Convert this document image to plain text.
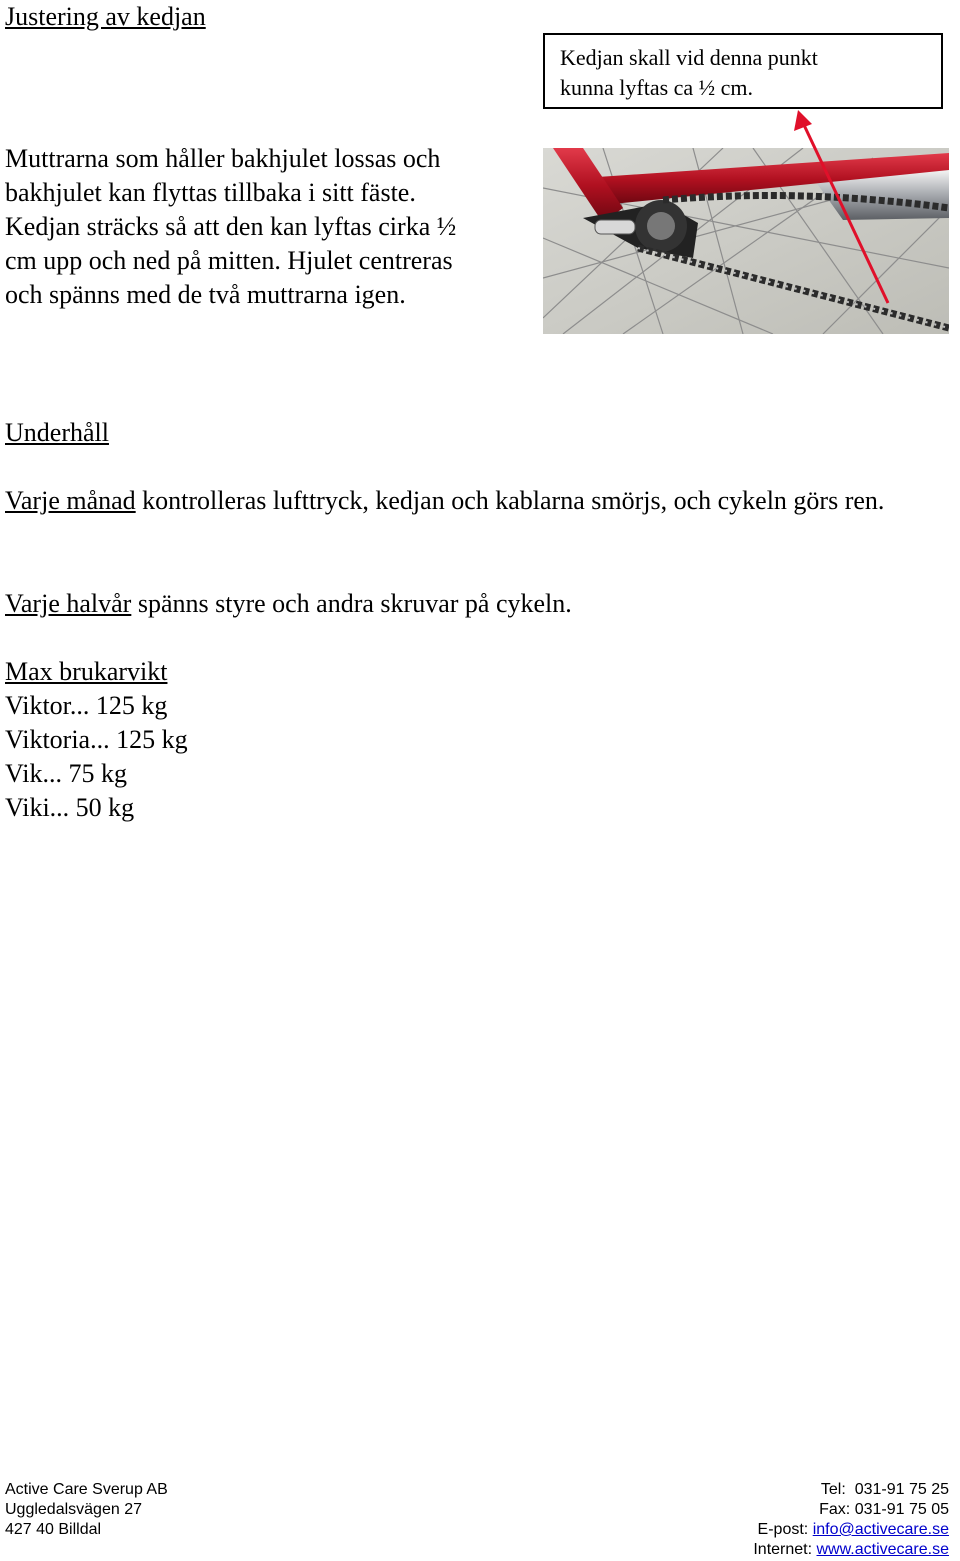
Justering av kedjan

Muttrarna som håller bakhjulet lossas och

bakhjulet kan flyttas tillbaka i sitt fäste.

Kedjan sträcks så att den kan lyftas cirka ½

cm upp och ned på mitten. Hjulet centreras

och spänns med de två muttrarna igen.

Kedjan skall vid denna punkt
kunna lyftas ca ½ cm.
Underhåll

Varje månad kontrolleras lufttryck, kedjan och kablarna smörjs, och cykeln görs ren.

Varje halvår spänns styre och andra skruvar på cykeln.

Max brukarvikt
Viktor... 125 kg
Viktoria... 125 kg
Vik... 75 kg
Viki... 50 kg
Active Care Sverup AB
Uggledalsvägen 27
427 40 Billdal
Tel: 031-91 75 25
Fax: 031-91 75 05
E-post: info@activecare.se
Internet: www.activecare.se
